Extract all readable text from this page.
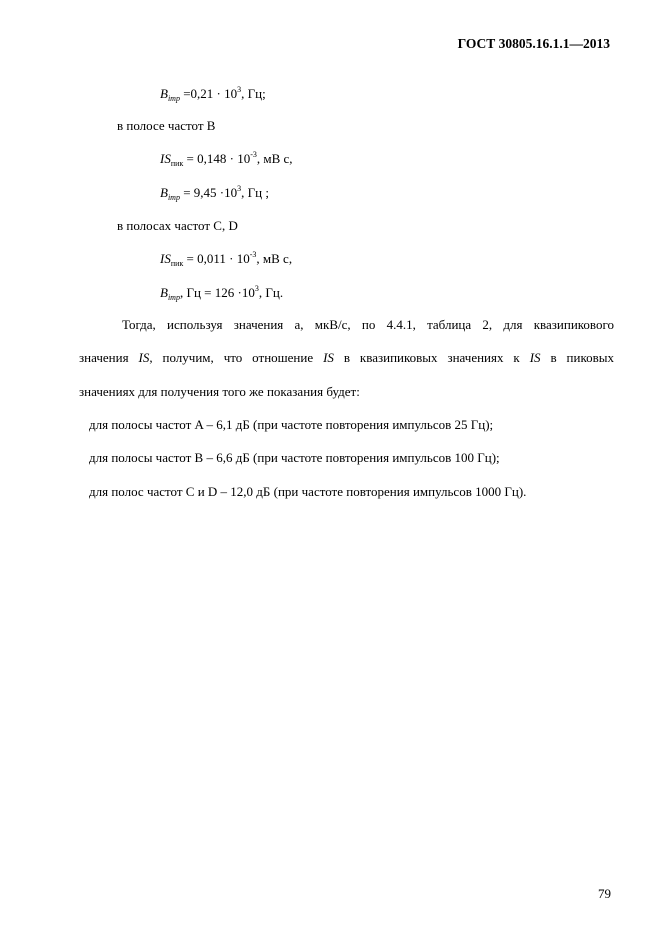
ГОСТ 30805.16.1.1—2013
$B_{imp} =0,21 \cdot 10^3$, Гц;
в полосе частот B
$IS_{пик} = 0,148 \cdot 10^{-3}$, мВ с,
$B_{imp} = 9,45 \cdot 10^3$, Гц ;
в полосах частот C, D
$IS_{пик} = 0,011 \cdot 10^{-3}$, мВ с,
$B_{imp}$, Гц = $126 \cdot 10^3$, Гц.
Тогда, используя значения a, мкВ/с, по 4.4.1, таблица 2, для квазипикового
значения IS, получим, что отношение IS в квазипиковых значениях к IS в пиковых
значениях для получения того же показания будет:
для полосы частот A – 6,1 дБ (при частоте повторения импульсов 25 Гц);
для полосы частот B – 6,6 дБ (при частоте повторения импульсов 100 Гц);
для полос частот C и D – 12,0 дБ (при частоте повторения импульсов 1000 Гц).
79
